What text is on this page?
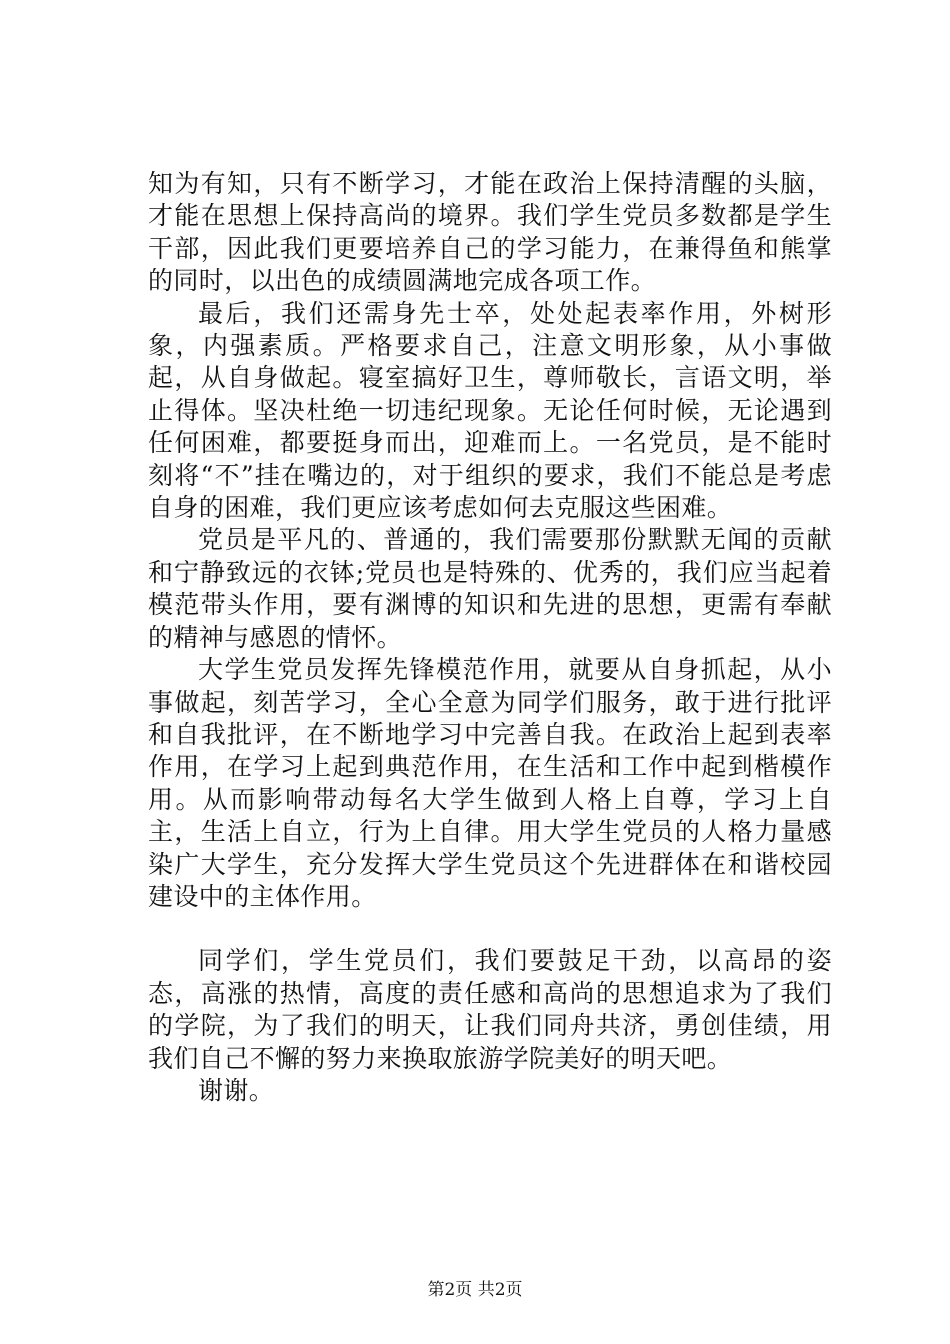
知为有知，只有不断学习，才能在政治上保持清醒的头脑，才能在思想上保持高尚的境界。我们学生党员多数都是学生干部，因此我们更要培养自己的学习能力，在兼得鱼和熊掌的同时，以出色的成绩圆满地完成各项工作。

最后，我们还需身先士卒，处处起表率作用，外树形象，内强素质。严格要求自己，注意文明形象，从小事做起，从自身做起。寝室搞好卫生，尊师敬长，言语文明，举止得体。坚决杜绝一切违纪现象。无论任何时候，无论遇到任何困难，都要挺身而出，迎难而上。一名党员，是不能时刻将“不”挂在嘴边的，对于组织的要求，我们不能总是考虑自身的困难，我们更应该考虑如何去克服这些困难。

党员是平凡的、普通的，我们需要那份默默无闻的贡献和宁静致远的衣钵;党员也是特殊的、优秀的，我们应当起着模范带头作用，要有渊博的知识和先进的思想，更需有奉献的精神与感恩的情怀。

大学生党员发挥先锋模范作用，就要从自身抓起，从小事做起，刻苦学习，全心全意为同学们服务，敢于进行批评和自我批评，在不断地学习中完善自我。在政治上起到表率作用，在学习上起到典范作用，在生活和工作中起到楷模作用。从而影响带动每名大学生做到人格上自尊，学习上自主，生活上自立，行为上自律。用大学生党员的人格力量感染广大学生，充分发挥大学生党员这个先进群体在和谐校园建设中的主体作用。

同学们，学生党员们，我们要鼓足干劲，以高昂的姿态，高涨的热情，高度的责任感和高尚的思想追求为了我们的学院，为了我们的明天，让我们同舟共济，勇创佳绩，用我们自己不懈的努力来换取旅游学院美好的明天吧。

谢谢。

第2页 共2页
